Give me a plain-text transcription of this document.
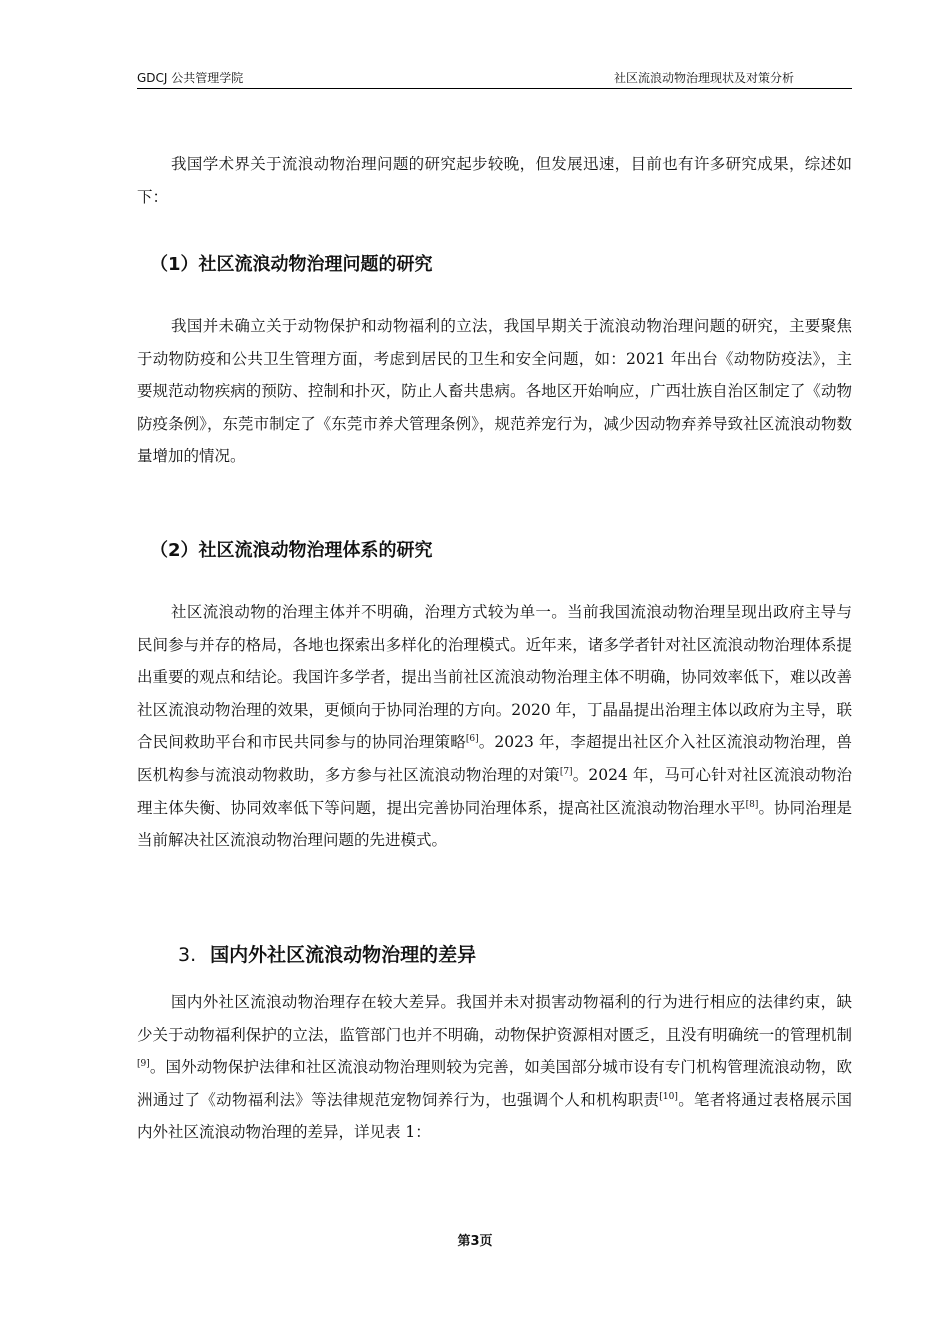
GDCJ 公共管理学院	社区流浪动物治理现状及对策分析

我国学术界关于流浪动物治理问题的研究起步较晚，但发展迅速，目前也有许多研究成果，综述如下：

（1）社区流浪动物治理问题的研究

我国并未确立关于动物保护和动物福利的立法，我国早期关于流浪动物治理问题的研究，主要聚焦于动物防疫和公共卫生管理方面，考虑到居民的卫生和安全问题，如：2021 年出台《动物防疫法》，主要规范动物疾病的预防、控制和扑灭，防止人畜共患病。各地区开始响应，广西壮族自治区制定了《动物防疫条例》，东莞市制定了《东莞市养犬管理条例》，规范养宠行为，减少因动物弃养导致社区流浪动物数量增加的情况。

（2）社区流浪动物治理体系的研究

社区流浪动物的治理主体并不明确，治理方式较为单一。当前我国流浪动物治理呈现出政府主导与民间参与并存的格局，各地也探索出多样化的治理模式。近年来，诸多学者针对社区流浪动物治理体系提出重要的观点和结论。我国许多学者，提出当前社区流浪动物治理主体不明确，协同效率低下，难以改善社区流浪动物治理的效果，更倾向于协同治理的方向。2020 年，丁晶晶提出治理主体以政府为主导，联合民间救助平台和市民共同参与的协同治理策略[6]。2023 年，李超提出社区介入社区流浪动物治理，兽医机构参与流浪动物救助，多方参与社区流浪动物治理的对策[7]。2024 年，马可心针对社区流浪动物治理主体失衡、协同效率低下等问题，提出完善协同治理体系，提高社区流浪动物治理水平[8]。协同治理是当前解决社区流浪动物治理问题的先进模式。

3. 国内外社区流浪动物治理的差异

国内外社区流浪动物治理存在较大差异。我国并未对损害动物福利的行为进行相应的法律约束，缺少关于动物福利保护的立法，监管部门也并不明确，动物保护资源相对匮乏，且没有明确统一的管理机制[9]。国外动物保护法律和社区流浪动物治理则较为完善，如美国部分城市设有专门机构管理流浪动物，欧洲通过了《动物福利法》等法律规范宠物饲养行为，也强调个人和机构职责[10]。笔者将通过表格展示国内外社区流浪动物治理的差异，详见表 1：

第3页
